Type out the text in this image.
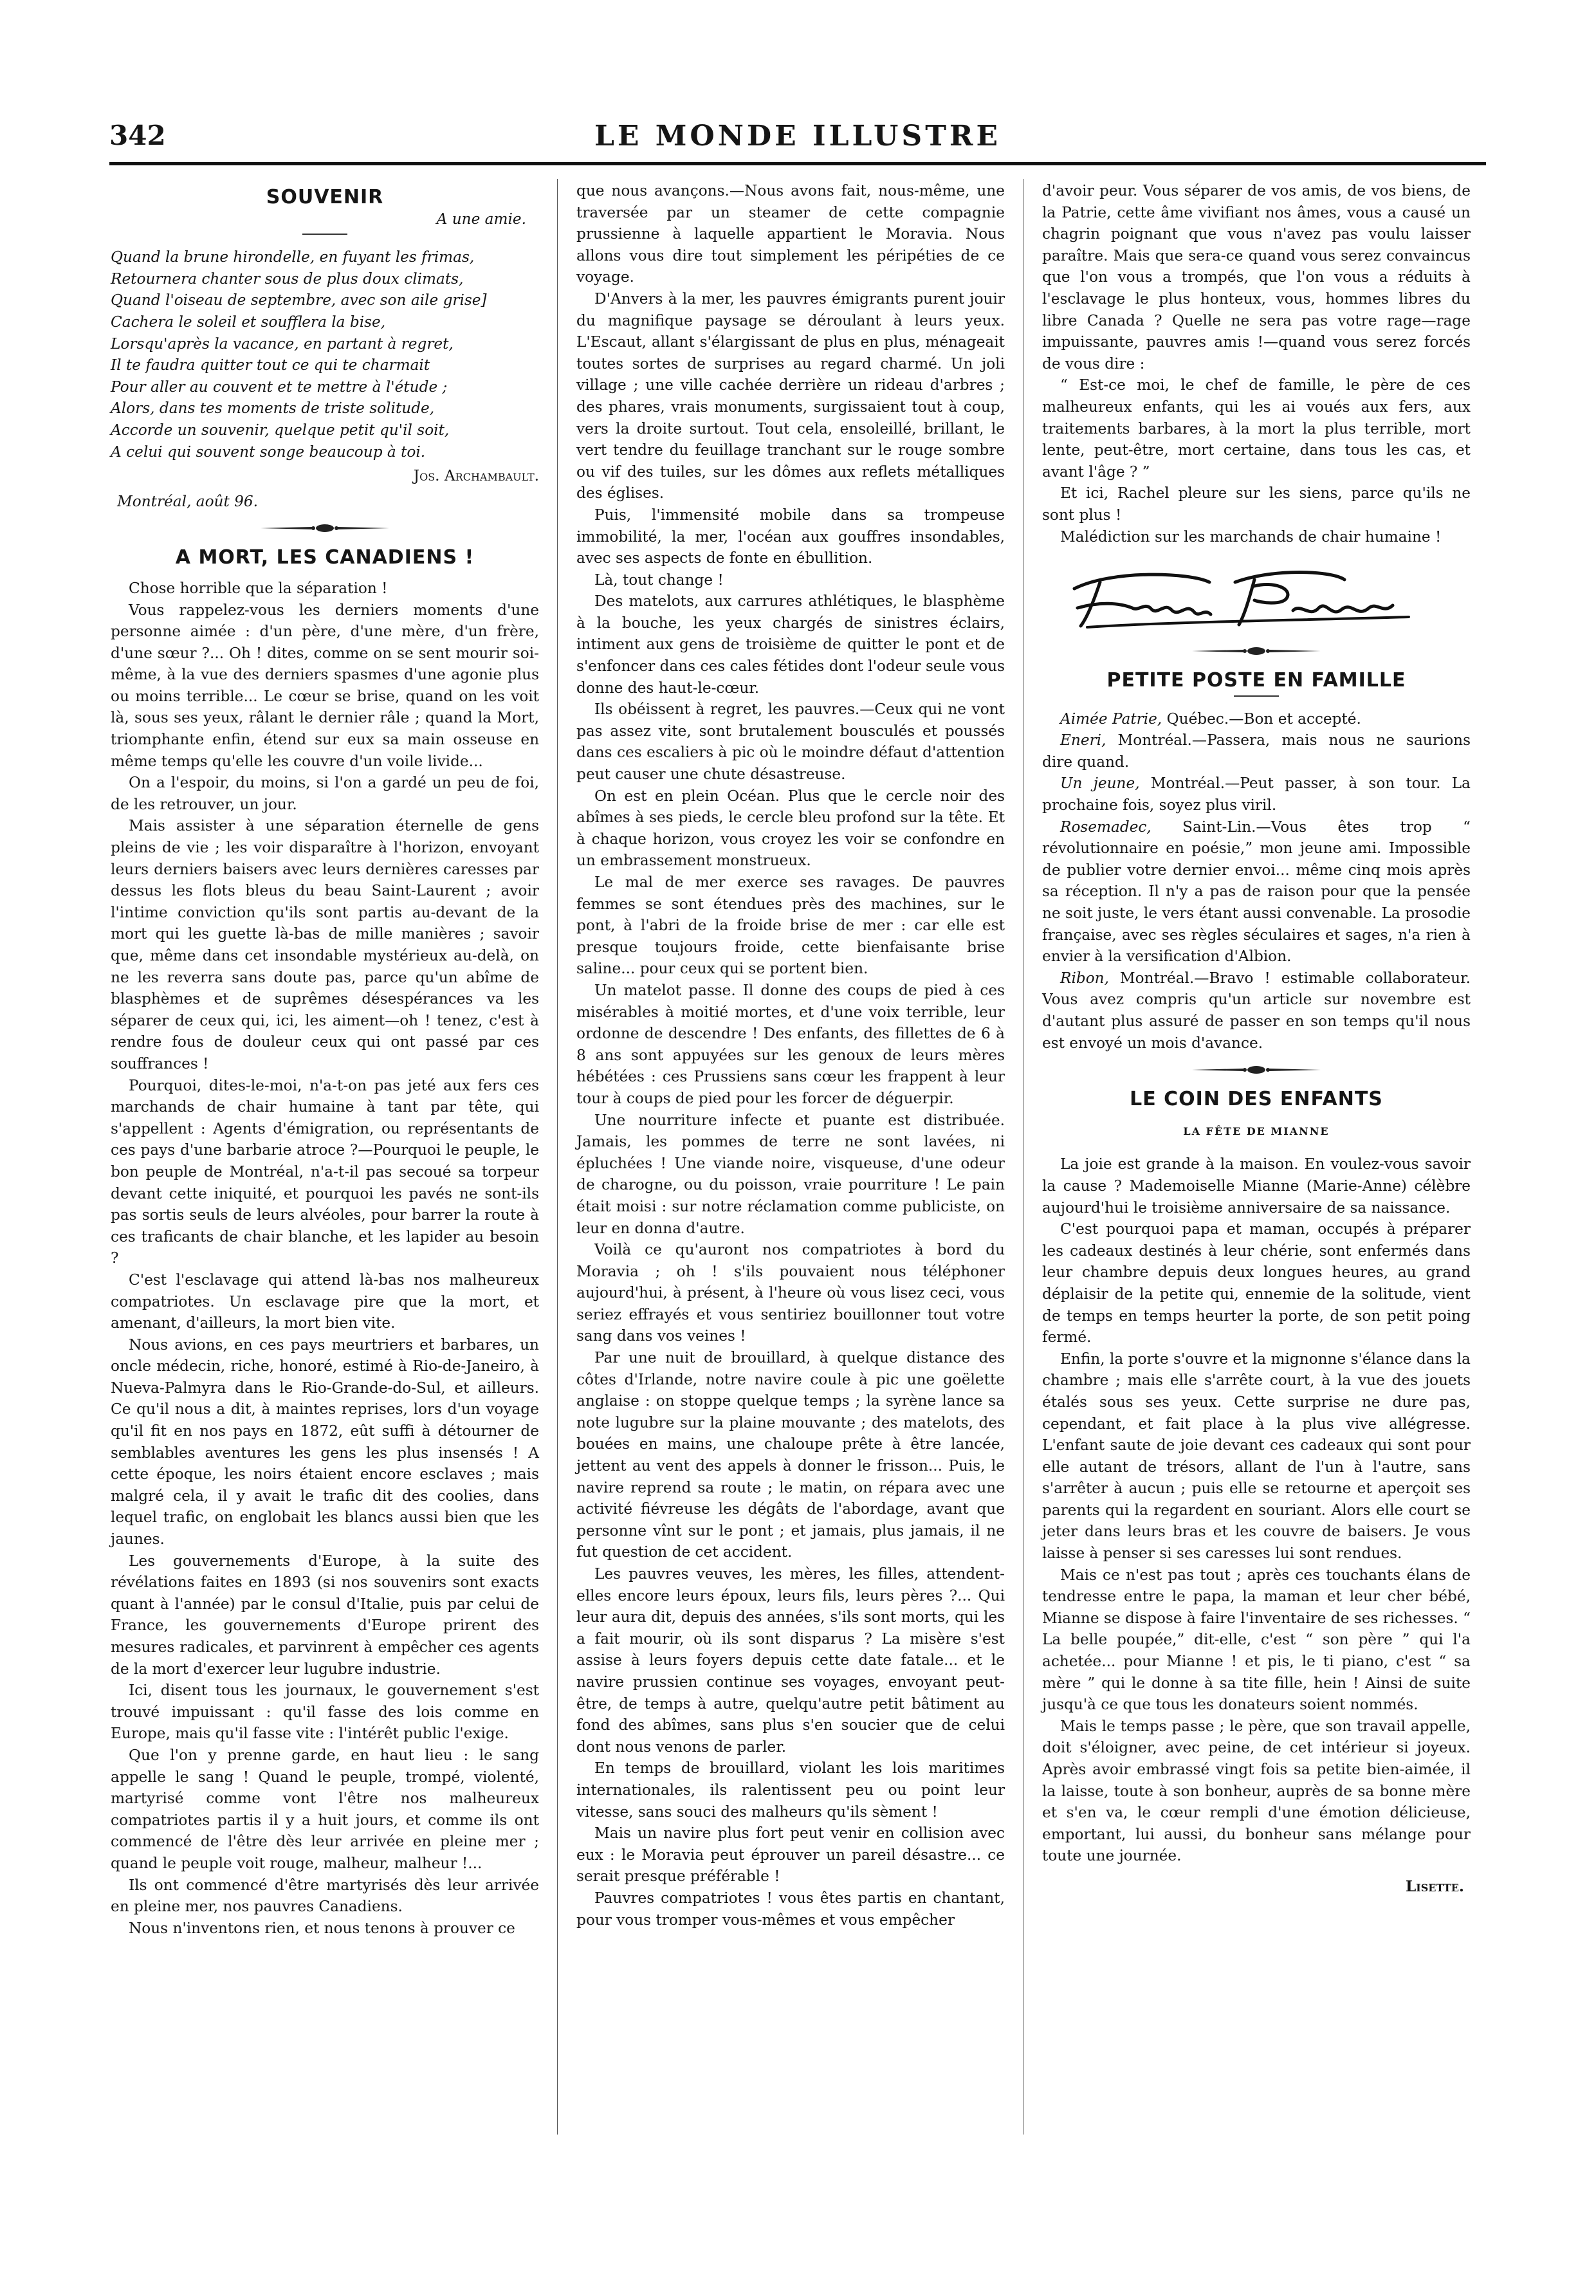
342	LE MONDE ILLUSTRE
SOUVENIR
A une amie.

Quand la brune hirondelle, en fuyant les frimas,

Retournera chanter sous de plus doux climats,

Quand l'oiseau de septembre, avec son aile grise]

Cachera le soleil et soufflera la bise,

Lorsqu'après la vacance, en partant à regret,

Il te faudra quitter tout ce qui te charmait

Pour aller au couvent et te mettre à l'étude ;

Alors, dans tes moments de triste solitude,

Accorde un souvenir, quelque petit qu'il soit,

A celui qui souvent songe beaucoup à toi.

Jos. Archambault.
Montréal, août 96.
A MORT, LES CANADIENS !

Chose horrible que la séparation !

Vous rappelez-vous les derniers moments d'une personne aimée : d'un père, d'une mère, d'un frère, d'une sœur ?... Oh ! dites, comme on se sent mourir soi-même, à la vue des derniers spasmes d'une agonie plus ou moins terrible... Le cœur se brise, quand on les voit là, sous ses yeux, râlant le dernier râle ; quand la Mort, triomphante enfin, étend sur eux sa main osseuse en même temps qu'elle les couvre d'un voile livide...

On a l'espoir, du moins, si l'on a gardé un peu de foi, de les retrouver, un jour.

Mais assister à une séparation éternelle de gens pleins de vie ; les voir disparaître à l'horizon, envoyant leurs derniers baisers avec leurs dernières caresses par dessus les flots bleus du beau Saint-Laurent ; avoir l'intime conviction qu'ils sont partis au-devant de la mort qui les guette là-bas de mille manières ; savoir que, même dans cet insondable mystérieux au-delà, on ne les reverra sans doute pas, parce qu'un abîme de blasphèmes et de suprêmes désespérances va les séparer de ceux qui, ici, les aiment—oh ! tenez, c'est à rendre fous de douleur ceux qui ont passé par ces souffrances !

Pourquoi, dites-le-moi, n'a-t-on pas jeté aux fers ces marchands de chair humaine à tant par tête, qui s'appellent : Agents d'émigration, ou représentants de ces pays d'une barbarie atroce ?—Pourquoi le peuple, le bon peuple de Montréal, n'a-t-il pas secoué sa torpeur devant cette iniquité, et pourquoi les pavés ne sont-ils pas sortis seuls de leurs alvéoles, pour barrer la route à ces traficants de chair blanche, et les lapider au besoin ?

C'est l'esclavage qui attend là-bas nos malheureux compatriotes. Un esclavage pire que la mort, et amenant, d'ailleurs, la mort bien vite.

Nous avions, en ces pays meurtriers et barbares, un oncle médecin, riche, honoré, estimé à Rio-de-Janeiro, à Nueva-Palmyra dans le Rio-Grande-do-Sul, et ailleurs. Ce qu'il nous a dit, à maintes reprises, lors d'un voyage qu'il fit en nos pays en 1872, eût suffi à détourner de semblables aventures les gens les plus insensés ! A cette époque, les noirs étaient encore esclaves ; mais malgré cela, il y avait le trafic dit des coolies, dans lequel trafic, on englobait les blancs aussi bien que les jaunes.

Les gouvernements d'Europe, à la suite des révélations faites en 1893 (si nos souvenirs sont exacts quant à l'année) par le consul d'Italie, puis par celui de France, les gouvernements d'Europe prirent des mesures radicales, et parvinrent à empêcher ces agents de la mort d'exercer leur lugubre industrie.

Ici, disent tous les journaux, le gouvernement s'est trouvé impuissant : qu'il fasse des lois comme en Europe, mais qu'il fasse vite : l'intérêt public l'exige.

Que l'on y prenne garde, en haut lieu : le sang appelle le sang ! Quand le peuple, trompé, violenté, martyrisé comme vont l'être nos malheureux compatriotes partis il y a huit jours, et comme ils ont commencé de l'être dès leur arrivée en pleine mer ; quand le peuple voit rouge, malheur, malheur !...

Ils ont commencé d'être martyrisés dès leur arrivée en pleine mer, nos pauvres Canadiens.

Nous n'inventons rien, et nous tenons à prouver ce

que nous avançons.—Nous avons fait, nous-même, une traversée par un steamer de cette compagnie prussienne à laquelle appartient le Moravia. Nous allons vous dire tout simplement les péripéties de ce voyage.

D'Anvers à la mer, les pauvres émigrants purent jouir du magnifique paysage se déroulant à leurs yeux. L'Escaut, allant s'élargissant de plus en plus, ménageait toutes sortes de surprises au regard charmé. Un joli village ; une ville cachée derrière un rideau d'arbres ; des phares, vrais monuments, surgissaient tout à coup, vers la droite surtout. Tout cela, ensoleillé, brillant, le vert tendre du feuillage tranchant sur le rouge sombre ou vif des tuiles, sur les dômes aux reflets métalliques des églises.

Puis, l'immensité mobile dans sa trompeuse immobilité, la mer, l'océan aux gouffres insondables, avec ses aspects de fonte en ébullition.

Là, tout change !

Des matelots, aux carrures athlétiques, le blasphème à la bouche, les yeux chargés de sinistres éclairs, intiment aux gens de troisième de quitter le pont et de s'enfoncer dans ces cales fétides dont l'odeur seule vous donne des haut-le-cœur.

Ils obéissent à regret, les pauvres.—Ceux qui ne vont pas assez vite, sont brutalement bousculés et poussés dans ces escaliers à pic où le moindre défaut d'attention peut causer une chute désastreuse.

On est en plein Océan. Plus que le cercle noir des abîmes à ses pieds, le cercle bleu profond sur la tête. Et à chaque horizon, vous croyez les voir se confondre en un embrassement monstrueux.

Le mal de mer exerce ses ravages. De pauvres femmes se sont étendues près des machines, sur le pont, à l'abri de la froide brise de mer : car elle est presque toujours froide, cette bienfaisante brise saline... pour ceux qui se portent bien.

Un matelot passe. Il donne des coups de pied à ces misérables à moitié mortes, et d'une voix terrible, leur ordonne de descendre ! Des enfants, des fillettes de 6 à 8 ans sont appuyées sur les genoux de leurs mères hébétées : ces Prussiens sans cœur les frappent à leur tour à coups de pied pour les forcer de déguerpir.

Une nourriture infecte et puante est distribuée. Jamais, les pommes de terre ne sont lavées, ni épluchées ! Une viande noire, visqueuse, d'une odeur de charogne, ou du poisson, vraie pourriture ! Le pain était moisi : sur notre réclamation comme publiciste, on leur en donna d'autre.

Voilà ce qu'auront nos compatriotes à bord du Moravia ; oh ! s'ils pouvaient nous téléphoner aujourd'hui, à présent, à l'heure où vous lisez ceci, vous seriez effrayés et vous sentiriez bouillonner tout votre sang dans vos veines !

Par une nuit de brouillard, à quelque distance des côtes d'Irlande, notre navire coule à pic une goëlette anglaise : on stoppe quelque temps ; la syrène lance sa note lugubre sur la plaine mouvante ; des matelots, des bouées en mains, une chaloupe prête à être lancée, jettent au vent des appels à donner le frisson... Puis, le navire reprend sa route ; le matin, on répara avec une activité fiévreuse les dégâts de l'abordage, avant que personne vînt sur le pont ; et jamais, plus jamais, il ne fut question de cet accident.

Les pauvres veuves, les mères, les filles, attendent-elles encore leurs époux, leurs fils, leurs pères ?... Qui leur aura dit, depuis des années, s'ils sont morts, qui les a fait mourir, où ils sont disparus ? La misère s'est assise à leurs foyers depuis cette date fatale... et le navire prussien continue ses voyages, envoyant peut-être, de temps à autre, quelqu'autre petit bâtiment au fond des abîmes, sans plus s'en soucier que de celui dont nous venons de parler.

En temps de brouillard, violant les lois maritimes internationales, ils ralentissent peu ou point leur vitesse, sans souci des malheurs qu'ils sèment !

Mais un navire plus fort peut venir en collision avec eux : le Moravia peut éprouver un pareil désastre... ce serait presque préférable !

Pauvres compatriotes ! vous êtes partis en chantant, pour vous tromper vous-mêmes et vous empêcher

d'avoir peur. Vous séparer de vos amis, de vos biens, de la Patrie, cette âme vivifiant nos âmes, vous a causé un chagrin poignant que vous n'avez pas voulu laisser paraître. Mais que sera-ce quand vous serez convaincus que l'on vous a trompés, que l'on vous a réduits à l'esclavage le plus honteux, vous, hommes libres du libre Canada ? Quelle ne sera pas votre rage—rage impuissante, pauvres amis !—quand vous serez forcés de vous dire :

“ Est-ce moi, le chef de famille, le père de ces malheureux enfants, qui les ai voués aux fers, aux traitements barbares, à la mort la plus terrible, mort lente, peut-être, mort certaine, dans tous les cas, et avant l'âge ? ”

Et ici, Rachel pleure sur les siens, parce qu'ils ne sont plus !

Malédiction sur les marchands de chair humaine !

PETITE POSTE EN FAMILLE

Aimée Patrie, Québec.—Bon et accepté.

Eneri, Montréal.—Passera, mais nous ne saurions dire quand.

Un jeune, Montréal.—Peut passer, à son tour. La prochaine fois, soyez plus viril.

Rosemadec, Saint-Lin.—Vous êtes trop “ révolutionnaire en poésie,” mon jeune ami. Impossible de publier votre dernier envoi... même cinq mois après sa réception. Il n'y a pas de raison pour que la pensée ne soit juste, le vers étant aussi convenable. La prosodie française, avec ses règles séculaires et sages, n'a rien à envier à la versification d'Albion.

Ribon, Montréal.—Bravo ! estimable collaborateur. Vous avez compris qu'un article sur novembre est d'autant plus assuré de passer en son temps qu'il nous est envoyé un mois d'avance.

LE COIN DES ENFANTS
LA FÊTE DE MIANNE

La joie est grande à la maison. En voulez-vous savoir la cause ? Mademoiselle Mianne (Marie-Anne) célèbre aujourd'hui le troisième anniversaire de sa naissance.

C'est pourquoi papa et maman, occupés à préparer les cadeaux destinés à leur chérie, sont enfermés dans leur chambre depuis deux longues heures, au grand déplaisir de la petite qui, ennemie de la solitude, vient de temps en temps heurter la porte, de son petit poing fermé.

Enfin, la porte s'ouvre et la mignonne s'élance dans la chambre ; mais elle s'arrête court, à la vue des jouets étalés sous ses yeux. Cette surprise ne dure pas, cependant, et fait place à la plus vive allégresse. L'enfant saute de joie devant ces cadeaux qui sont pour elle autant de trésors, allant de l'un à l'autre, sans s'arrêter à aucun ; puis elle se retourne et aperçoit ses parents qui la regardent en souriant. Alors elle court se jeter dans leurs bras et les couvre de baisers. Je vous laisse à penser si ses caresses lui sont rendues.

Mais ce n'est pas tout ; après ces touchants élans de tendresse entre le papa, la maman et leur cher bébé, Mianne se dispose à faire l'inventaire de ses richesses. “ La belle poupée,” dit-elle, c'est “ son père ” qui l'a achetée... pour Mianne ! et pis, le ti piano, c'est “ sa mère ” qui le donne à sa tite fille, hein ! Ainsi de suite jusqu'à ce que tous les donateurs soient nommés.

Mais le temps passe ; le père, que son travail appelle, doit s'éloigner, avec peine, de cet intérieur si joyeux. Après avoir embrassé vingt fois sa petite bien-aimée, il la laisse, toute à son bonheur, auprès de sa bonne mère et s'en va, le cœur rempli d'une émotion délicieuse, emportant, lui aussi, du bonheur sans mélange pour toute une journée.

Lisette.
